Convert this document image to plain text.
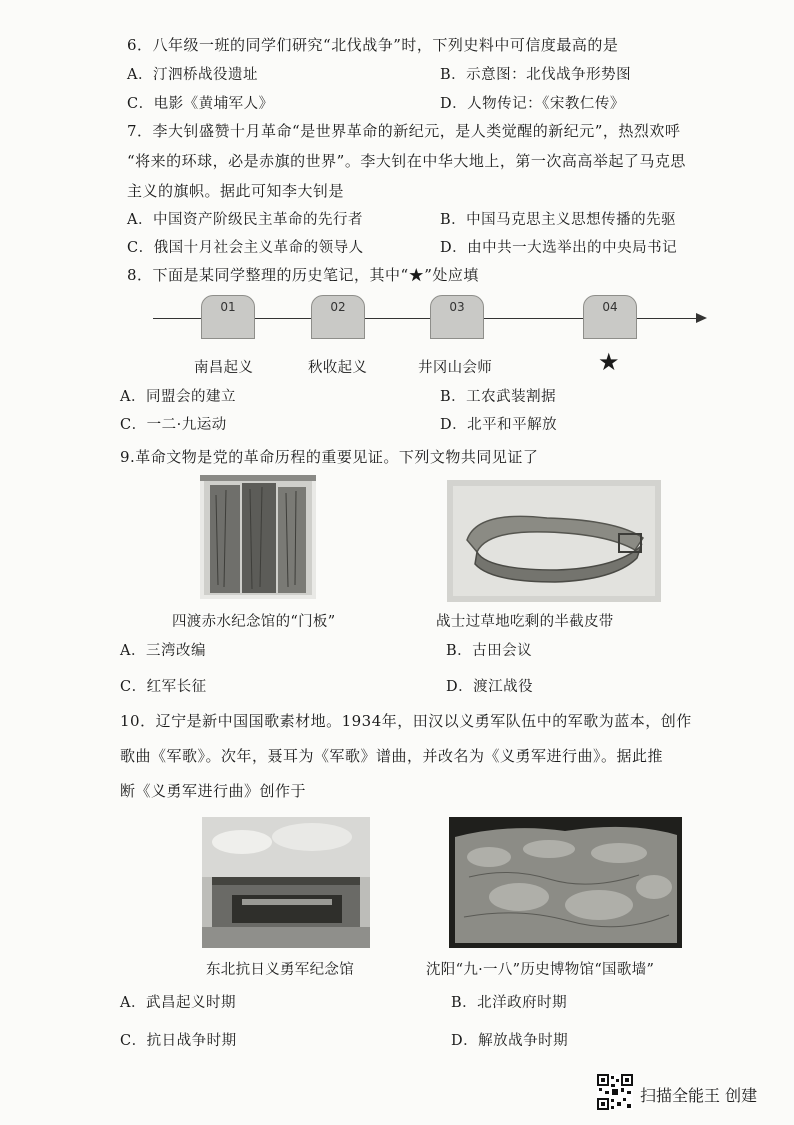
6．八年级一班的同学们研究“北伐战争”时，下列史料中可信度最高的是
A．汀泗桥战役遗址	B．示意图：北伐战争形势图
C．电影《黄埔军人》	D．人物传记：《宋教仁传》
7．李大钊盛赞十月革命“是世界革命的新纪元，是人类觉醒的新纪元”，热烈欢呼
“将来的环球，必是赤旗的世界”。李大钊在中华大地上，第一次高高举起了马克思
主义的旗帜。据此可知李大钊是
A．中国资产阶级民主革命的先行者	B．中国马克思主义思想传播的先驱
C．俄国十月社会主义革命的领导人	D．由中共一大选举出的中央局书记
8．下面是某同学整理的历史笔记，其中“★”处应填
01	02	03	04
南昌起义	秋收起义	井冈山会师	★
A．同盟会的建立	B．工农武装割据
C．一二·九运动	D．北平和平解放
9.革命文物是党的革命历程的重要见证。下列文物共同见证了
四渡赤水纪念馆的“门板”	战士过草地吃剩的半截皮带
A．三湾改编	B．古田会议
C．红军长征	D．渡江战役
10．辽宁是新中国国歌素材地。1934年，田汉以义勇军队伍中的军歌为蓝本，创作
歌曲《军歌》。次年，聂耳为《军歌》谱曲，并改名为《义勇军进行曲》。据此推
断《义勇军进行曲》创作于
东北抗日义勇军纪念馆	沈阳“九·一八”历史博物馆“国歌墙”
A．武昌起义时期	B．北洋政府时期
C．抗日战争时期	D．解放战争时期
扫描全能王 创建
